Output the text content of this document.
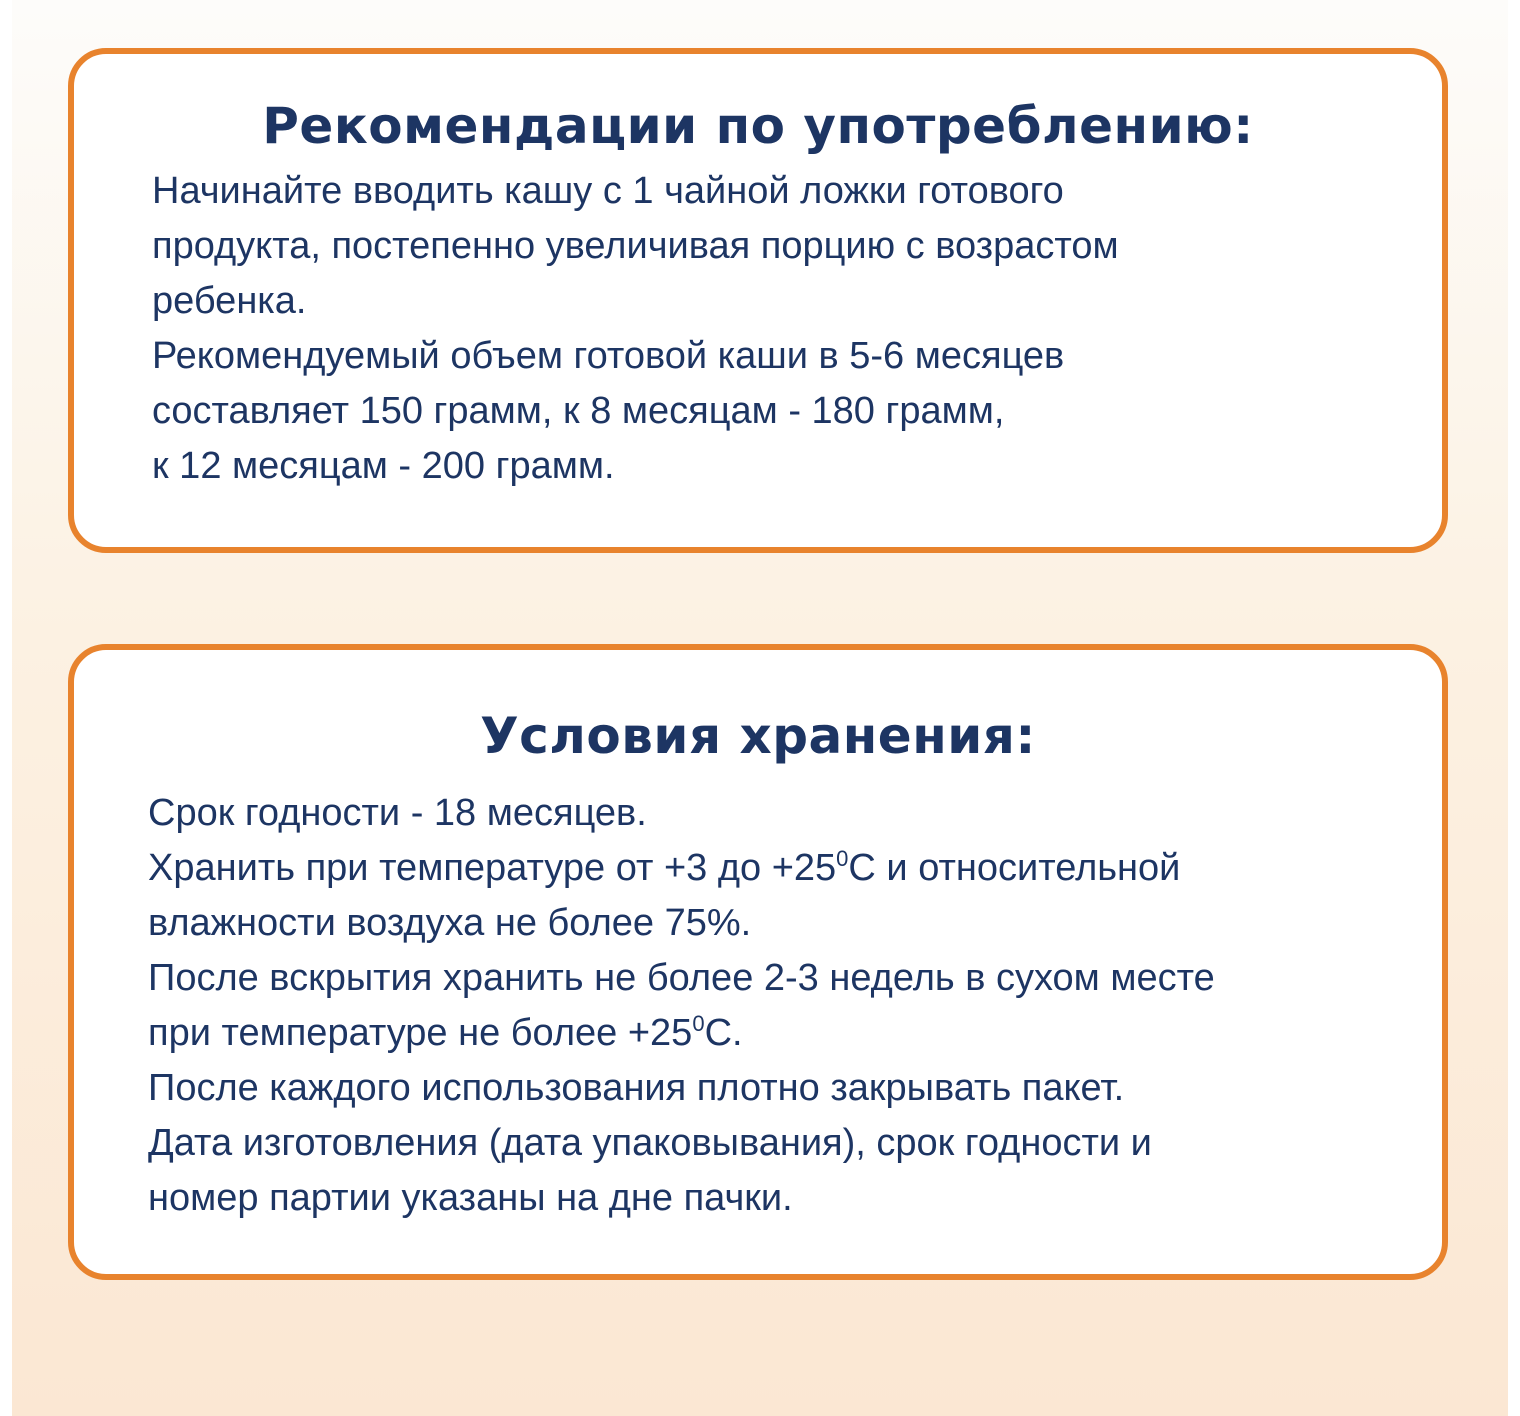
Рекомендации по употреблению:
Начинайте вводить кашу с 1 чайной ложки готового
продукта, постепенно увеличивая порцию с возрастом
ребенка.
Рекомендуемый объем готовой каши в 5-6 месяцев
составляет 150 грамм, к 8 месяцам - 180 грамм,
к 12 месяцам - 200 грамм.
Условия хранения:
Срок годности - 18 месяцев.
Хранить при температуре от +3 до $+25^0С$ и относительной
влажности воздуха не более 75%.
После вскрытия хранить не более 2-3 недель в сухом месте
при температуре не более $+25^0С$.
После каждого использования плотно закрывать пакет.
Дата изготовления (дата упаковывания), срок годности и
номер партии указаны на дне пачки.
